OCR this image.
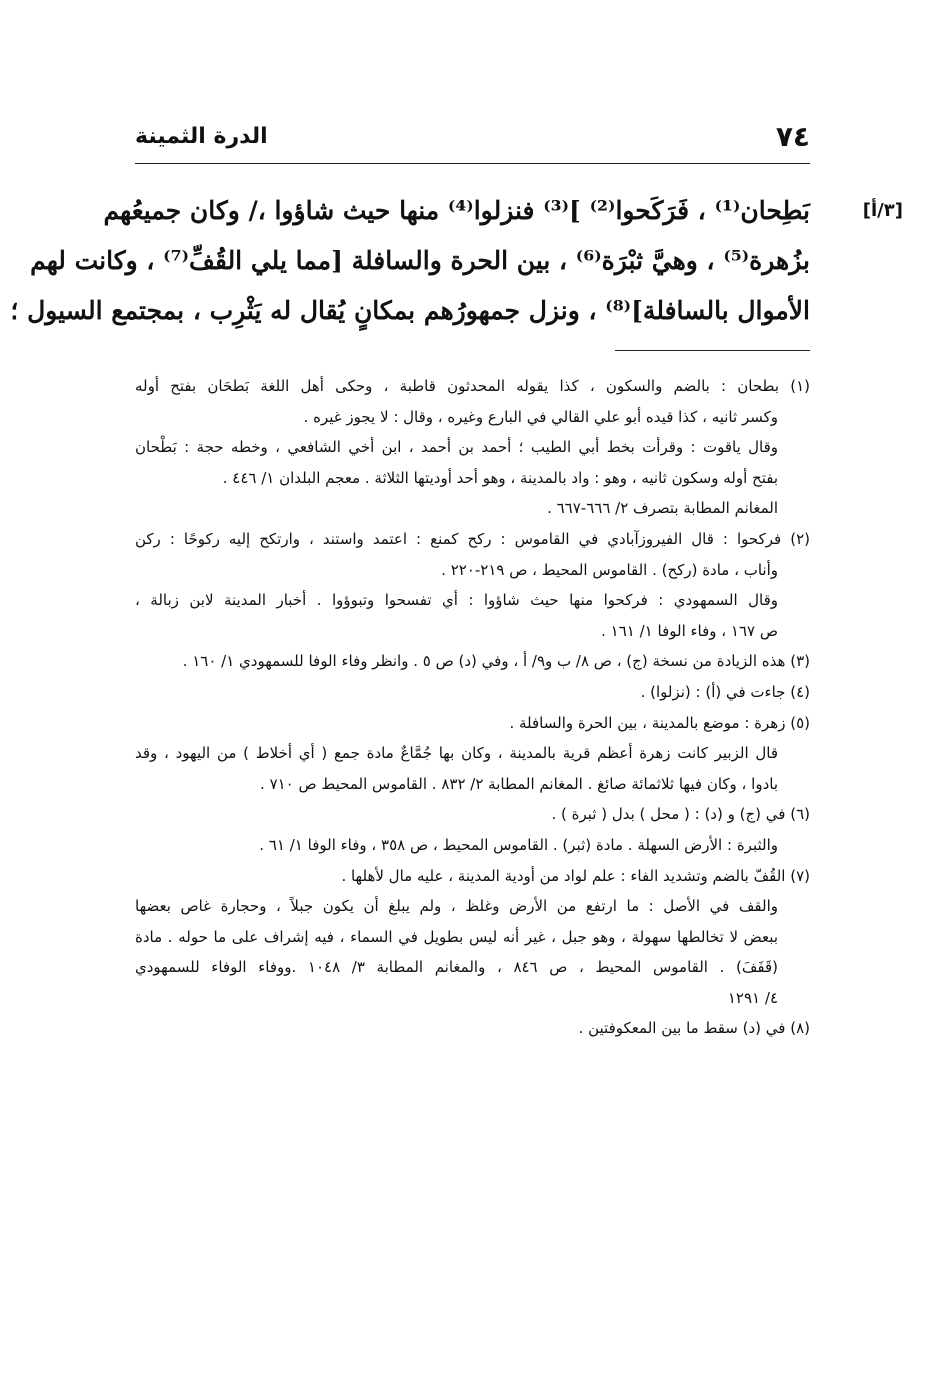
٧٤
الدرة الثمينة
[٣/أ]

بَطِحان⁽¹⁾ ، فَرَكَحوا⁽²⁾ ]⁽³⁾ فنزلوا⁽⁴⁾ منها حيث شاؤوا ،/ وكان جميعُهم

بزُهرة⁽⁵⁾ ، وهيَّ ثبْرَة⁽⁶⁾ ، بين الحرة والسافلة [مما يلي القُفِّ⁽⁷⁾ ، وكانت لهم

الأموال بالسافلة]⁽⁸⁾ ، ونزل جمهورُهم بمكانٍ يُقال له يَثْرِب ، بمجتمع السيول ؛

(١) بطحان : بالضم والسكون ، كذا يقوله المحدثون قاطبة ، وحكى أهل اللغة بَطحَان بفتح أوله
وكسر ثانيه ، كذا قيده أبو علي القالي في البارع وغيره ، وقال : لا يجوز غيره .
وقال ياقوت : وقرأت بخط أبي الطيب ؛ أحمد بن أحمد ، ابن أخي الشافعي ، وخطه حجة : بَطْحان
بفتح أوله وسكون ثانيه ، وهو : واد بالمدينة ، وهو أحد أوديتها الثلاثة . معجم البلدان ١/ ٤٤٦ .
المغانم المطابة بتصرف ٢/ ٦٦٦-٦٦٧ .
(٢) فركحوا : قال الفيروزآبادي في القاموس : ركح كمنع : اعتمد واستند ، وارتكح إليه ركوحًا : ركن
وأناب ، مادة (ركح) . القاموس المحيط ، ص ٢١٩-٢٢٠ .
وقال السمهودي : فركحوا منها حيث شاؤوا : أي تفسحوا وتبوؤوا . أخبار المدينة لابن زبالة ،
ص ١٦٧ ، وفاء الوفا ١/ ١٦١ .
(٣) هذه الزيادة من نسخة (ج) ، ص ٨/ ب و٩/ أ ، وفي (د) ص ٥ . وانظر وفاء الوفا للسمهودي ١/ ١٦٠ .
(٤) جاءت في (أ) : (نزلوا) .
(٥) زهرة : موضع بالمدينة ، بين الحرة والسافلة .
قال الزبير كانت زهرة أعظم قرية بالمدينة ، وكان بها جُمَّاعٌ مادة جمع ( أي أخلاط ) من اليهود ، وقد
بادوا ، وكان فيها ثلاثمائة صائغ . المغانم المطابة ٢/ ٨٣٢ . القاموس المحيط ص ٧١٠ .
(٦) في (ج) و (د) : ( محل ) بدل ( ثبرة ) .
والثبرة : الأرض السهلة . مادة (ثبر) . القاموس المحيط ، ص ٣٥٨ ، وفاء الوفا ١/ ٦١ .
(٧) القُفّ بالضم وتشديد الفاء : علم لواد من أودية المدينة ، عليه مال لأهلها .
والقف في الأصل : ما ارتفع من الأرض وغلظ ، ولم يبلغ أن يكون جبلاً ، وحجارة غاص بعضها
ببعض لا تخالطها سهولة ، وهو جبل ، غير أنه ليس بطويل في السماء ، فيه إشراف على ما حوله . مادة
(قَفَفَ) . القاموس المحيط ، ص ٨٤٦ ، والمغانم المطابة ٣/ ١٠٤٨ .ووفاء الوفاء للسمهودي
٤/ ١٢٩١
(٨) في (د) سقط ما بين المعكوفتين .
